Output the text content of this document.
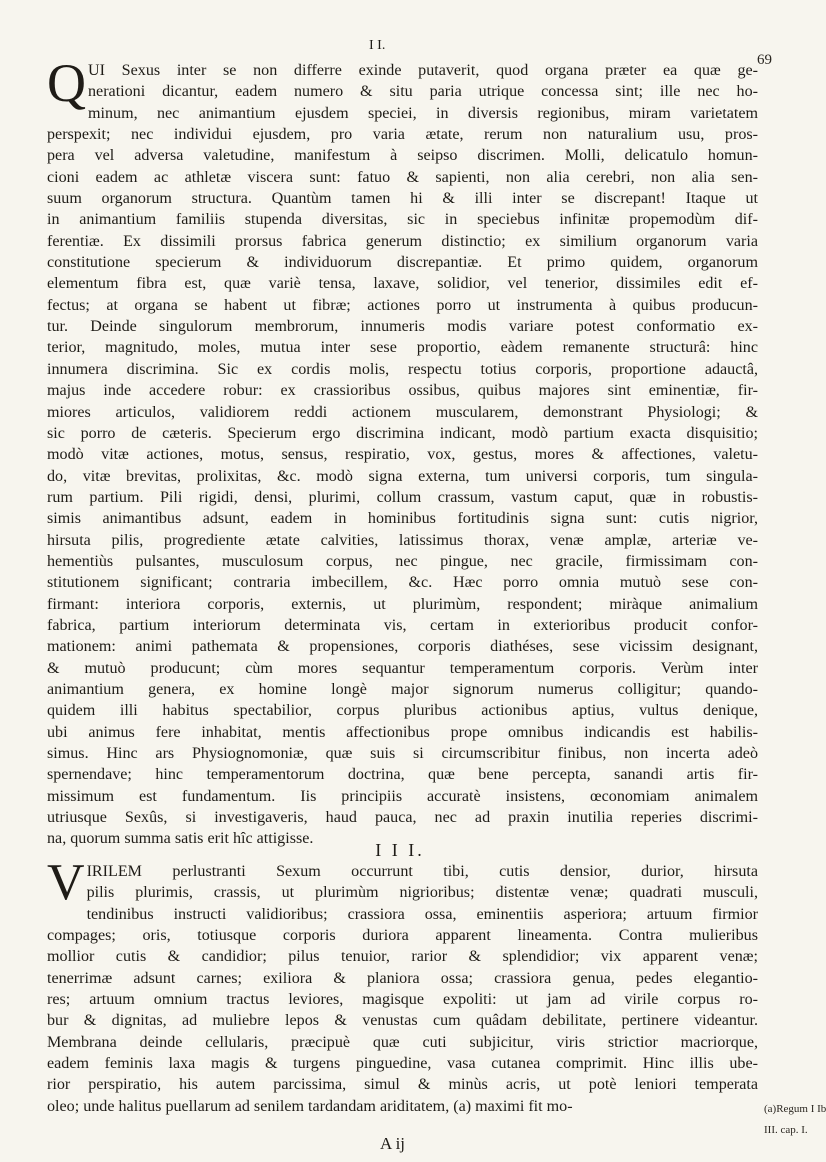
69
I I.
Q UI Sexus inter se non differre exinde putaverit, quod organa præter ea quæ ge-
nerationi dicantur, eadem numero & situ paria utrique concessa sint; ille nec ho-
minum, nec animantium ejusdem speciei, in diversis regionibus, miram varietatem
perspexit; nec individui ejusdem, pro varia ætate, rerum non naturalium usu, pros-
pera vel adversa valetudine, manifestum à seipso discrimen. Molli, delicatulo homun-
cioni eadem ac athletæ viscera sunt: fatuo & sapienti, non alia cerebri, non alia sen-
suum organorum structura. Quantùm tamen hi & illi inter se discrepant! Itaque ut
in animantium familiis stupenda diversitas, sic in speciebus infinitæ propemodùm dif-
ferentiæ. Ex dissimili prorsus fabrica generum distinctio; ex similium organorum varia
constitutione specierum & individuorum discrepantiæ. Et primo quidem, organorum
elementum fibra est, quæ variè tensa, laxave, solidior, vel tenerior, dissimiles edit ef-
fectus; at organa se habent ut fibræ; actiones porro ut instrumenta à quibus producun-
tur. Deinde singulorum membrorum, innumeris modis variare potest conformatio ex-
terior, magnitudo, moles, mutua inter sese proportio, eàdem remanente structurâ: hinc
innumera discrimina. Sic ex cordis molis, respectu totius corporis, proportione adauctâ,
majus inde accedere robur: ex crassioribus ossibus, quibus majores sint eminentiæ, fir-
miores articulos, validiorem reddi actionem muscularem, demonstrant Physiologi; &
sic porro de cæteris. Specierum ergo discrimina indicant, modò partium exacta disquisitio;
modò vitæ actiones, motus, sensus, respiratio, vox, gestus, mores & affectiones, valetu-
do, vitæ brevitas, prolixitas, &c. modò signa externa, tum universi corporis, tum singula-
rum partium. Pili rigidi, densi, plurimi, collum crassum, vastum caput, quæ in robustis-
simis animantibus adsunt, eadem in hominibus fortitudinis signa sunt: cutis nigrior,
hirsuta pilis, progrediente ætate calvities, latissimus thorax, venæ amplæ, arteriæ ve-
hementiùs pulsantes, musculosum corpus, nec pingue, nec gracile, firmissimam con-
stitutionem significant; contraria imbecillem, &c. Hæc porro omnia mutuò sese con-
firmant: interiora corporis, externis, ut plurimùm, respondent; miràque animalium
fabrica, partium interiorum determinata vis, certam in exterioribus producit confor-
mationem: animi pathemata & propensiones, corporis diathéses, sese vicissim designant,
& mutuò producunt; cùm mores sequantur temperamentum corporis. Verùm inter
animantium genera, ex homine longè major signorum numerus colligitur; quando-
quidem illi habitus spectabilior, corpus pluribus actionibus aptius, vultus denique,
ubi animus fere inhabitat, mentis affectionibus prope omnibus indicandis est habilis-
simus. Hinc ars Physiognomoniæ, quæ suis si circumscribitur finibus, non incerta adeò
spernendave; hinc temperamentorum doctrina, quæ bene percepta, sanandi artis fir-
missimum est fundamentum. Iis principiis accuratè insistens, œconomiam animalem
utriusque Sexûs, si investigaveris, haud pauca, nec ad praxin inutilia reperies discrimi-
na, quorum summa satis erit hîc attigisse.
I I I.
V IRILEM perlustranti Sexum occurrunt tibi, cutis densior, durior, hirsuta
pilis plurimis, crassis, ut plurimùm nigrioribus; distentæ venæ; quadrati musculi,
tendinibus instructi validioribus; crassiora ossa, eminentiis asperiora; artuum firmior
compages; oris, totiusque corporis duriora apparent lineamenta. Contra mulieribus
mollior cutis & candidior; pilus tenuior, rarior & splendidior; vix apparent venæ;
tenerrimæ adsunt carnes; exiliora & planiora ossa; crassiora genua, pedes elegantio-
res; artuum omnium tractus leviores, magisque expoliti: ut jam ad virile corpus ro-
bur & dignitas, ad muliebre lepos & venustas cum quâdam debilitate, pertinere videantur.
Membrana deinde cellularis, præcipuè quæ cuti subjicitur, viris strictior macriorque,
eadem feminis laxa magis & turgens pinguedine, vasa cutanea comprimit. Hinc illis ube-
rior perspiratio, his autem parcissima, simul & minùs acris, ut potè leniori temperata
oleo; unde halitus puellarum ad senilem tardandam ariditatem, (a) maximi fit mo-	(a)Regum I Ib
III. cap. I.
A ij
